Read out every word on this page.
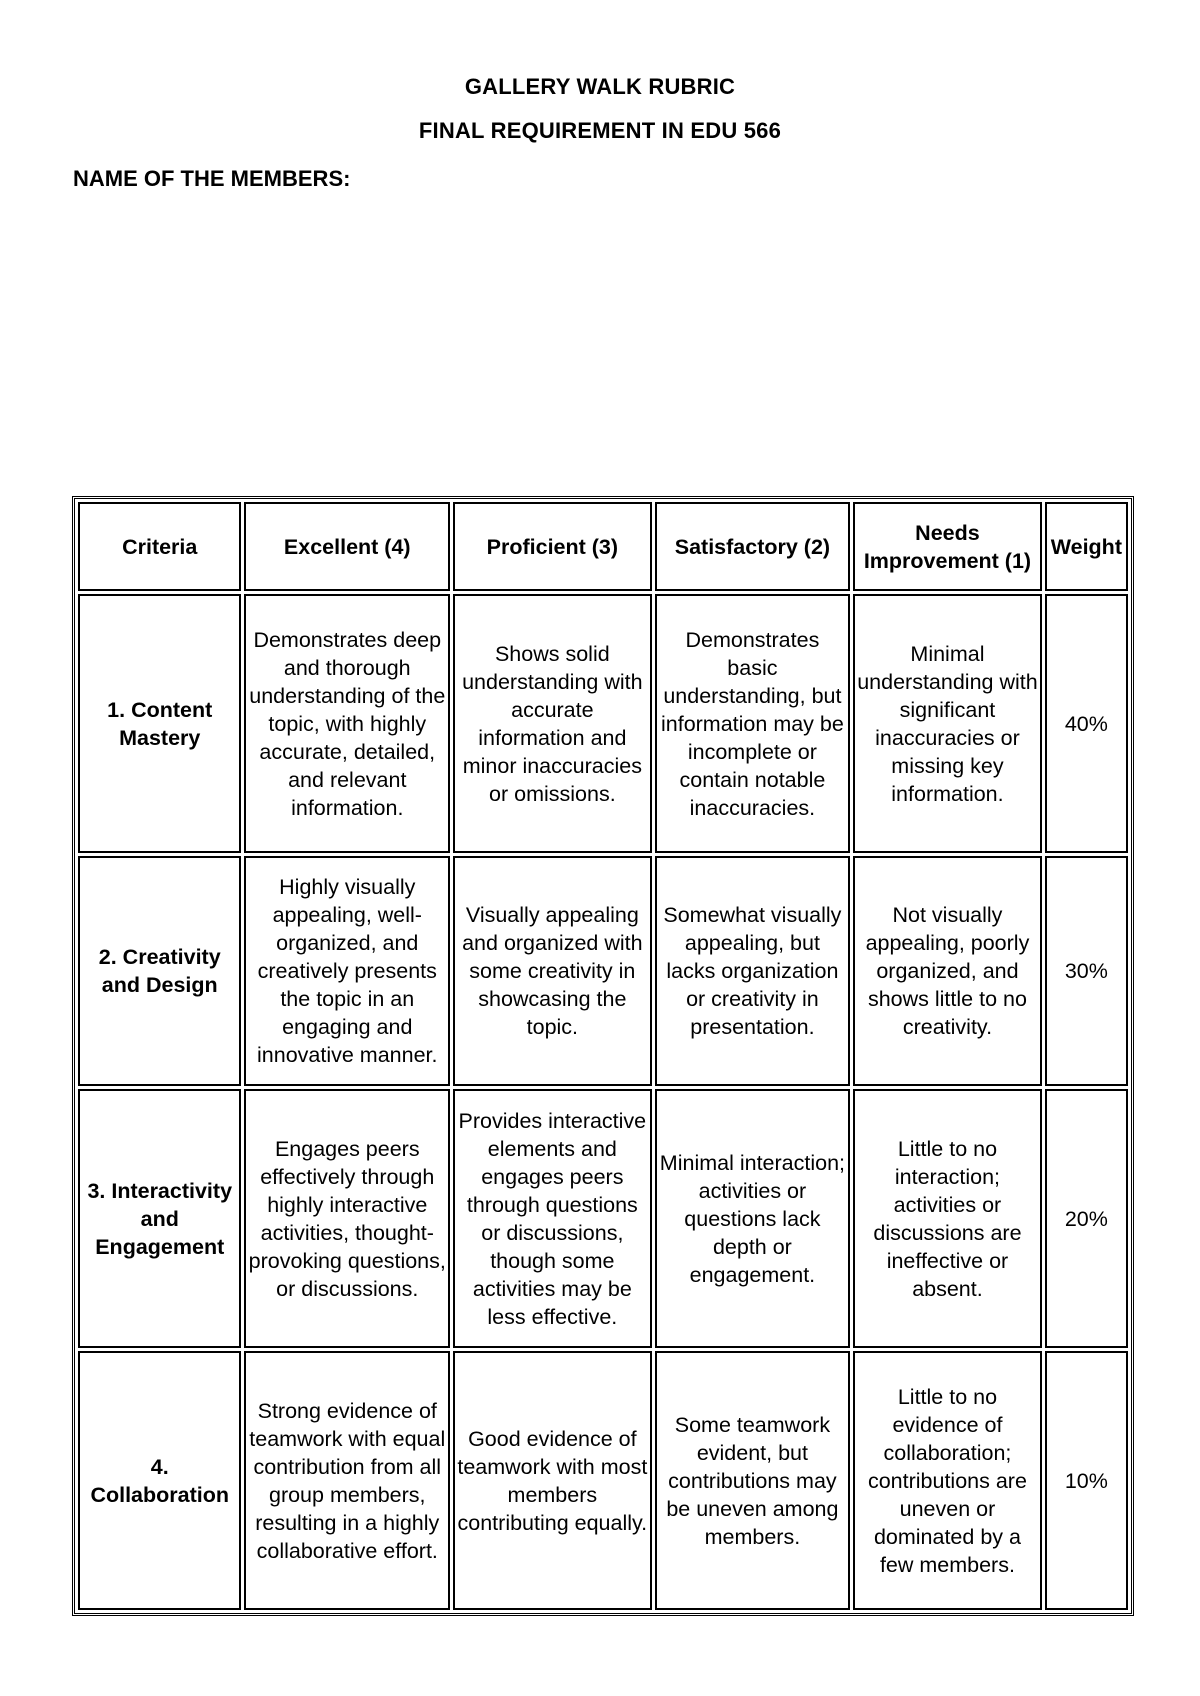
GALLERY WALK RUBRIC
FINAL REQUIREMENT IN EDU 566
NAME OF THE MEMBERS:
Criteria	Excellent (4)	Proficient (3)	Satisfactory (2)	Needs Improvement (1)	Weight
1. Content Mastery	Demonstrates deep and thorough understanding of the topic, with highly accurate, detailed, and relevant information.	Shows solid understanding with accurate information and minor inaccuracies or omissions.	Demonstrates basic understanding, but information may be incomplete or contain notable inaccuracies.	Minimal understanding with significant inaccuracies or missing key information.	40%
2. Creativity and Design	Highly visually appealing, well-organized, and creatively presents the topic in an engaging and innovative manner.	Visually appealing and organized with some creativity in showcasing the topic.	Somewhat visually appealing, but lacks organization or creativity in presentation.	Not visually appealing, poorly organized, and shows little to no creativity.	30%
3. Interactivity and Engagement	Engages peers effectively through highly interactive activities, thought-provoking questions, or discussions.	Provides interactive elements and engages peers through questions or discussions, though some activities may be less effective.	Minimal interaction; activities or questions lack depth or engagement.	Little to no interaction; activities or discussions are ineffective or absent.	20%
4. Collaboration	Strong evidence of teamwork with equal contribution from all group members, resulting in a highly collaborative effort.	Good evidence of teamwork with most members contributing equally.	Some teamwork evident, but contributions may be uneven among members.	Little to no evidence of collaboration; contributions are uneven or dominated by a few members.	10%
